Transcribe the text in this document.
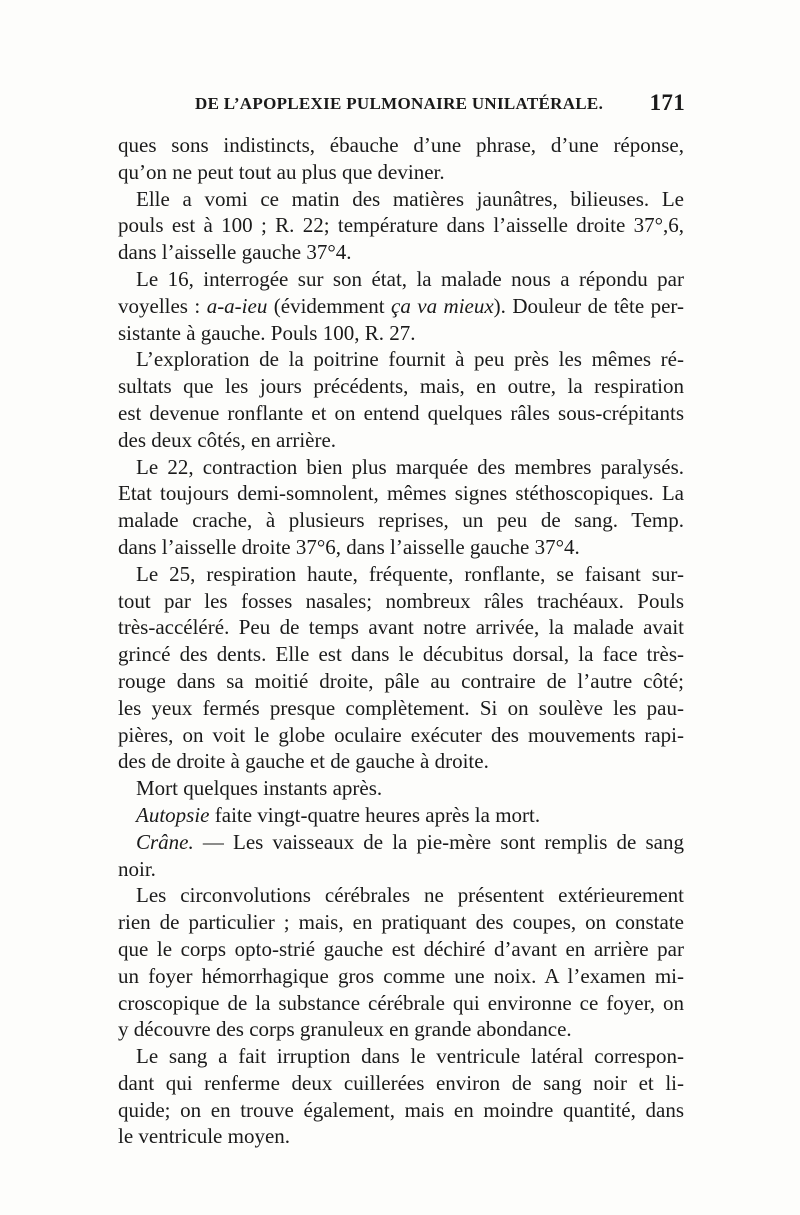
DE L’APOPLEXIE PULMONAIRE UNILATÉRALE. 171
ques sons indistincts, ébauche d’une phrase, d’une réponse,
qu’on ne peut tout au plus que deviner.
Elle a vomi ce matin des matières jaunâtres, bilieuses. Le
pouls est à 100 ; R. 22; température dans l’aisselle droite 37°,6,
dans l’aisselle gauche 37°4.
Le 16, interrogée sur son état, la malade nous a répondu par
voyelles : a-a-ieu (évidemment ça va mieux). Douleur de tête per-
sistante à gauche. Pouls 100, R. 27.
L’exploration de la poitrine fournit à peu près les mêmes ré-
sultats que les jours précédents, mais, en outre, la respiration
est devenue ronflante et on entend quelques râles sous-crépitants
des deux côtés, en arrière.
Le 22, contraction bien plus marquée des membres paralysés.
Etat toujours demi-somnolent, mêmes signes stéthoscopiques. La
malade crache, à plusieurs reprises, un peu de sang. Temp.
dans l’aisselle droite 37°6, dans l’aisselle gauche 37°4.
Le 25, respiration haute, fréquente, ronflante, se faisant sur-
tout par les fosses nasales; nombreux râles trachéaux. Pouls
très-accéléré. Peu de temps avant notre arrivée, la malade avait
grincé des dents. Elle est dans le décubitus dorsal, la face très-
rouge dans sa moitié droite, pâle au contraire de l’autre côté;
les yeux fermés presque complètement. Si on soulève les pau-
pières, on voit le globe oculaire exécuter des mouvements rapi-
des de droite à gauche et de gauche à droite.
Mort quelques instants après.
Autopsie faite vingt-quatre heures après la mort.
Crâne. — Les vaisseaux de la pie-mère sont remplis de sang
noir.
Les circonvolutions cérébrales ne présentent extérieurement
rien de particulier ; mais, en pratiquant des coupes, on constate
que le corps opto-strié gauche est déchiré d’avant en arrière par
un foyer hémorrhagique gros comme une noix. A l’examen mi-
croscopique de la substance cérébrale qui environne ce foyer, on
y découvre des corps granuleux en grande abondance.
Le sang a fait irruption dans le ventricule latéral correspon-
dant qui renferme deux cuillerées environ de sang noir et li-
quide; on en trouve également, mais en moindre quantité, dans
le ventricule moyen.
